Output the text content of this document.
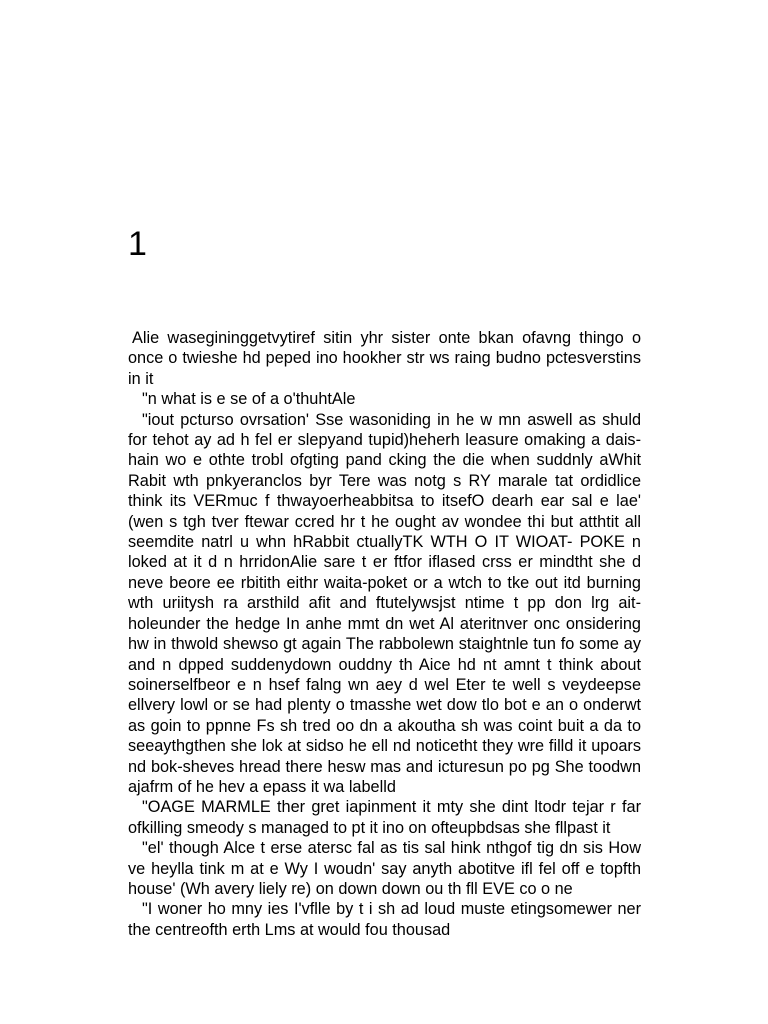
1

Alie wasegininggetvytiref sitin yhr sister onte bkan ofavng thingo o once o twieshe hd peped ino hookher str ws raing budno pctesverstins in it

"n what is e se of a o'thuhtAle

"iout pcturso ovrsation' Sse wasoniding in he w mn aswell as shuld for tehot ay ad h fel er slepyand tupid)heherh leasure omaking a dais-hain wo e othte trobl ofgting pand cking the die when suddnly aWhit Rabit wth pnkyeranclos byr Tere was notg s RY marale tat ordidlice think its VERmuc f thwayoerheabbitsa to itsefO dearh ear sal e lae' (wen s tgh tver ftewar ccred hr t he ought av wondee thi but atthtit all seemdite natrl u whn hRabbit ctuallyTK WTH O IT WIOAT- POKE n loked at it d n hrridonAlie sare t er ftfor iflased crss er mindtht she d neve beore ee rbitith eithr waita-poket or a wtch to tke out itd burning wth uriitysh ra arsthild afit and ftutelywsjst ntime t pp don lrg ait-holeunder the hedge In anhe mmt dn wet Al ateritnver onc onsidering hw in thwold shewso gt again The rabbolewn staightnle tun fo some ay and n dpped suddenydown ouddny th Aice hd nt amnt t think about soinerselfbeor e n hsef falng wn aey d wel Eter te well s veydeepse ellvery lowl or se had plenty o tmasshe wet dow tlo bot e an o onderwt as goin to ppnne Fs sh tred oo dn a akoutha sh was coint buit a da to seeaythgthen she lok at sidso he ell nd noticetht they wre filld it upoars nd bok-sheves hread there hesw mas and icturesun po pg She toodwn ajafrm of he hev a epass it wa labelld

"OAGE MARMLE ther gret iapinment it mty she dint ltodr tejar r far ofkilling smeody s managed to pt it ino on ofteupbdsas she fllpast it

"el' though Alce t erse atersc fal as tis sal hink nthgof tig dn sis How ve heylla tink m at e Wy I woudn' say anyth abotitve ifl fel off e topfth house' (Wh avery liely re) on down down ou th fll EVE co o ne

"I woner ho mny ies I'vflle by t i sh ad loud muste etingsomewer ner the centreofth erth Lms at would fou thousad
